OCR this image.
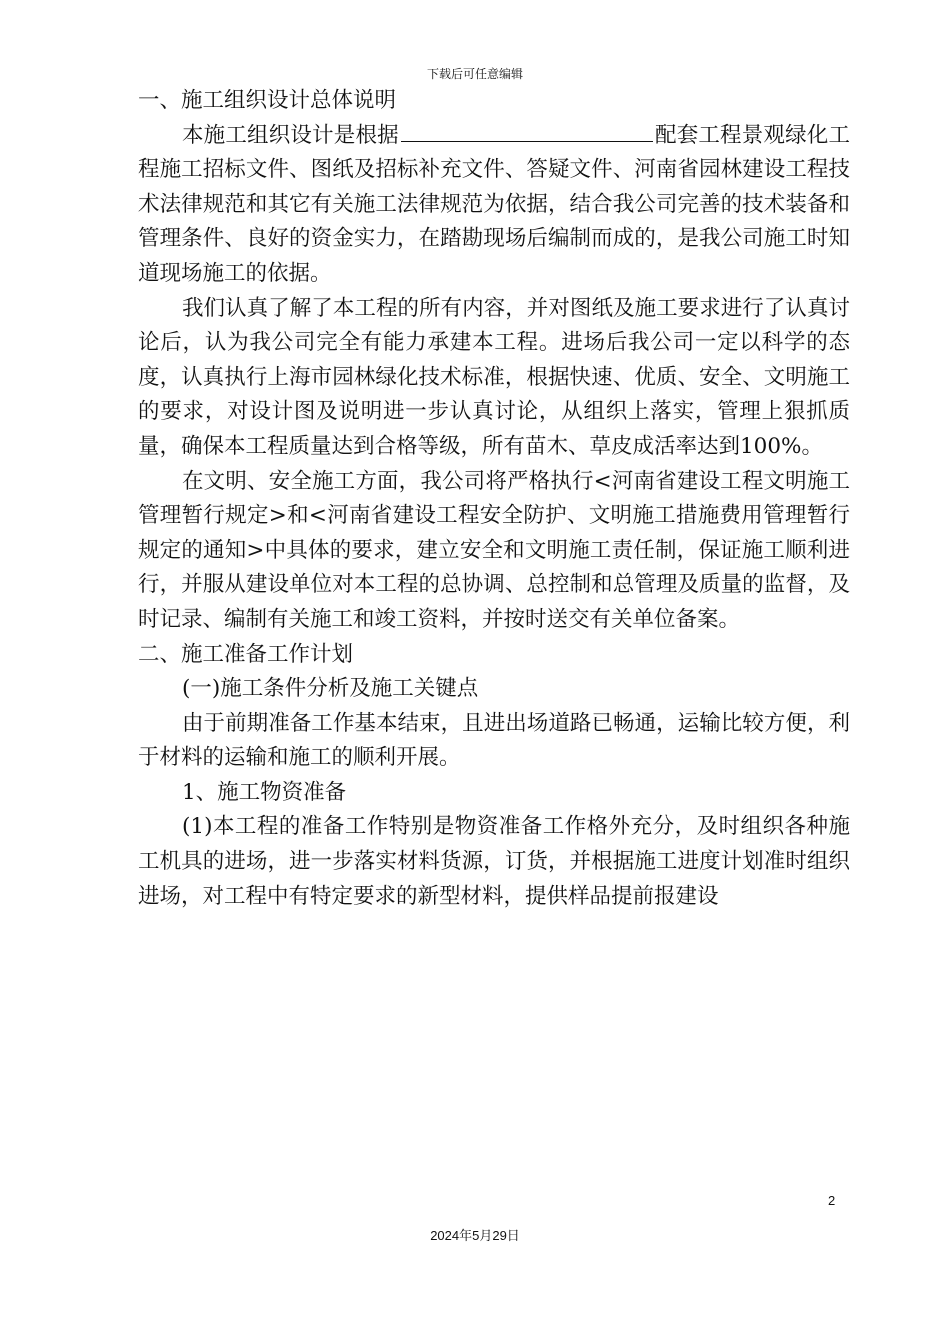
下载后可任意编辑

一、施工组织设计总体说明

本施工组织设计是根据	配套工程景观绿化工程施工招标文件、图纸及招标补充文件、答疑文件、河南省园林建设工程技术法律规范和其它有关施工法律规范为依据，结合我公司完善的技术装备和管理条件、良好的资金实力，在踏勘现场后编制而成的，是我公司施工时知道现场施工的依据。

我们认真了解了本工程的所有内容，并对图纸及施工要求进行了认真讨论后，认为我公司完全有能力承建本工程。进场后我公司一定以科学的态度，认真执行上海市园林绿化技术标准，根据快速、优质、安全、文明施工的要求，对设计图及说明进一步认真讨论，从组织上落实，管理上狠抓质量，确保本工程质量达到合格等级，所有苗木、草皮成活率达到100%。

在文明、安全施工方面，我公司将严格执行<河南省建设工程文明施工管理暂行规定>和<河南省建设工程安全防护、文明施工措施费用管理暂行规定的通知>中具体的要求，建立安全和文明施工责任制，保证施工顺利进行，并服从建设单位对本工程的总协调、总控制和总管理及质量的监督，及时记录、编制有关施工和竣工资料，并按时送交有关单位备案。

二、施工准备工作计划

(一)施工条件分析及施工关键点

由于前期准备工作基本结束，且进出场道路已畅通，运输比较方便，利于材料的运输和施工的顺利开展。

1、施工物资准备

(1)本工程的准备工作特别是物资准备工作格外充分，及时组织各种施工机具的进场，进一步落实材料货源，订货，并根据施工进度计划准时组织进场，对工程中有特定要求的新型材料，提供样品提前报建设

2
2024年5月29日
